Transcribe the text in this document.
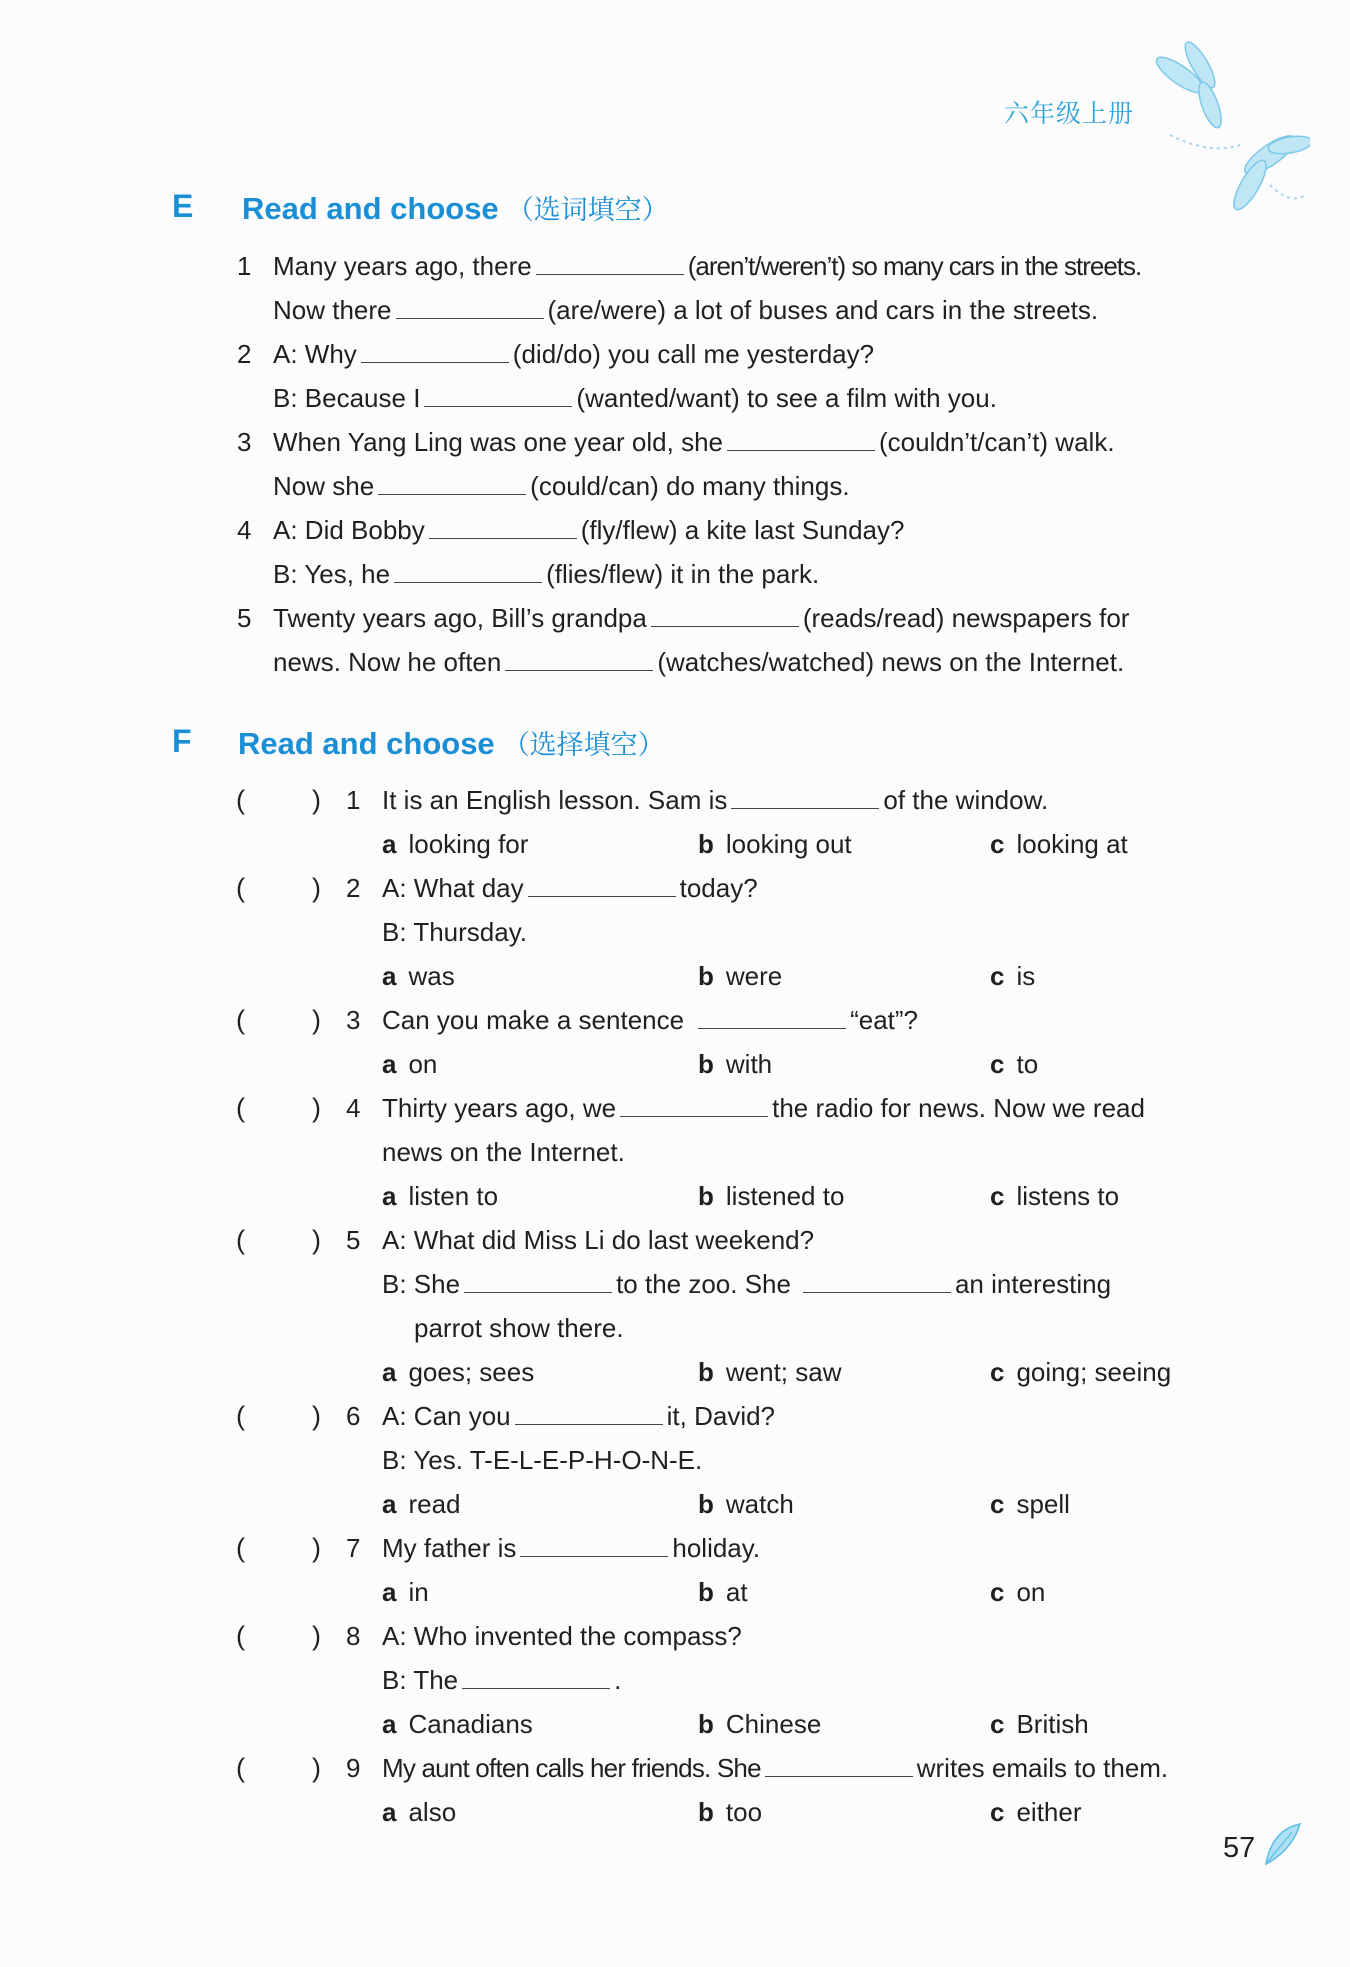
六年级上册
E Read and choose （选词填空）
1 Many years ago, there	(aren’t/weren’t) so many cars in the streets.
Now there	(are/were) a lot of buses and cars in the streets.
2 A: Why	(did/do) you call me yesterday?
B: Because I	(wanted/want) to see a film with you.
3 When Yang Ling was one year old, she	(couldn’t/can’t) walk.
Now she	(could/can) do many things.
4 A: Did Bobby	(fly/flew) a kite last Sunday?
B: Yes, he	(flies/flew) it in the park.
5 Twenty years ago, Bill’s grandpa	(reads/read) newspapers for
news. Now he often	(watches/watched) news on the Internet.
F Read and choose （选择填空）
( ) 1 It is an English lesson. Sam is	of the window.
a looking for	b looking out	c looking at
( ) 2 A: What day	today?
B: Thursday.
a was	b were	c is
( ) 3 Can you make a sentence	“eat”?
a on	b with	c to
( ) 4 Thirty years ago, we	the radio for news. Now we read
news on the Internet.
a listen to	b listened to	c listens to
( ) 5 A: What did Miss Li do last weekend?
B: She	to the zoo. She	an interesting
parrot show there.
a goes; sees	b went; saw	c going; seeing
( ) 6 A: Can you	it, David?
B: Yes. T-E-L-E-P-H-O-N-E.
a read	b watch	c spell
( ) 7 My father is	holiday.
a in	b at	c on
( ) 8 A: Who invented the compass?
B: The	.
a Canadians	b Chinese	c British
( ) 9 My aunt often calls her friends. She	writes emails to them.
a also	b too	c either
57
